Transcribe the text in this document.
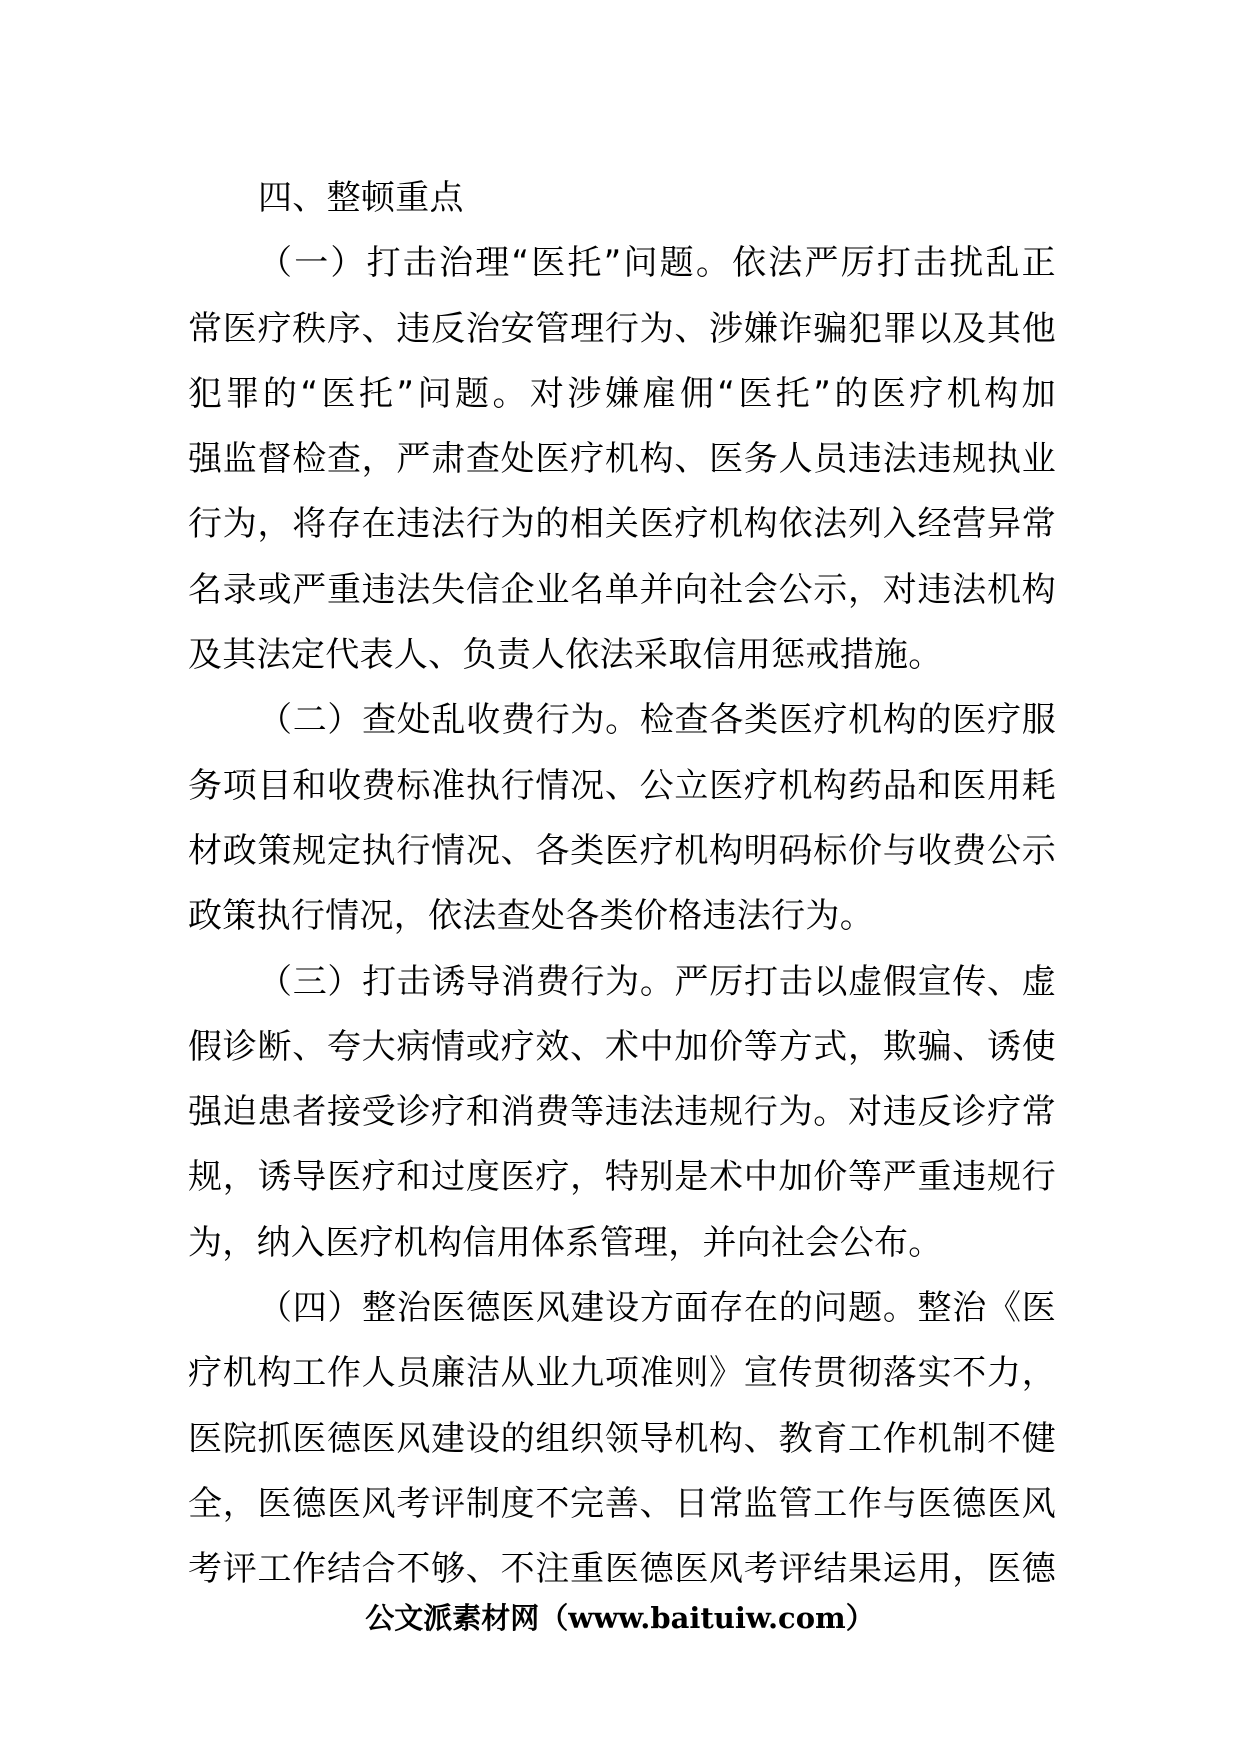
四、整顿重点
（一）打击治理“医托”问题。依法严厉打击扰乱正
常医疗秩序、违反治安管理行为、涉嫌诈骗犯罪以及其他
犯罪的“医托”问题。对涉嫌雇佣“医托”的医疗机构加
强监督检查，严肃查处医疗机构、医务人员违法违规执业
行为，将存在违法行为的相关医疗机构依法列入经营异常
名录或严重违法失信企业名单并向社会公示，对违法机构
及其法定代表人、负责人依法采取信用惩戒措施。
（二）查处乱收费行为。检查各类医疗机构的医疗服
务项目和收费标准执行情况、公立医疗机构药品和医用耗
材政策规定执行情况、各类医疗机构明码标价与收费公示
政策执行情况，依法查处各类价格违法行为。
（三）打击诱导消费行为。严厉打击以虚假宣传、虚
假诊断、夸大病情或疗效、术中加价等方式，欺骗、诱使
强迫患者接受诊疗和消费等违法违规行为。对违反诊疗常
规，诱导医疗和过度医疗，特别是术中加价等严重违规行
为，纳入医疗机构信用体系管理，并向社会公布。
（四）整治医德医风建设方面存在的问题。整治《医
疗机构工作人员廉洁从业九项准则》宣传贯彻落实不力，
医院抓医德医风建设的组织领导机构、教育工作机制不健
全，医德医风考评制度不完善、日常监管工作与医德医风
考评工作结合不够、不注重医德医风考评结果运用，医德
公文派素材网（www.baituiw.com）
